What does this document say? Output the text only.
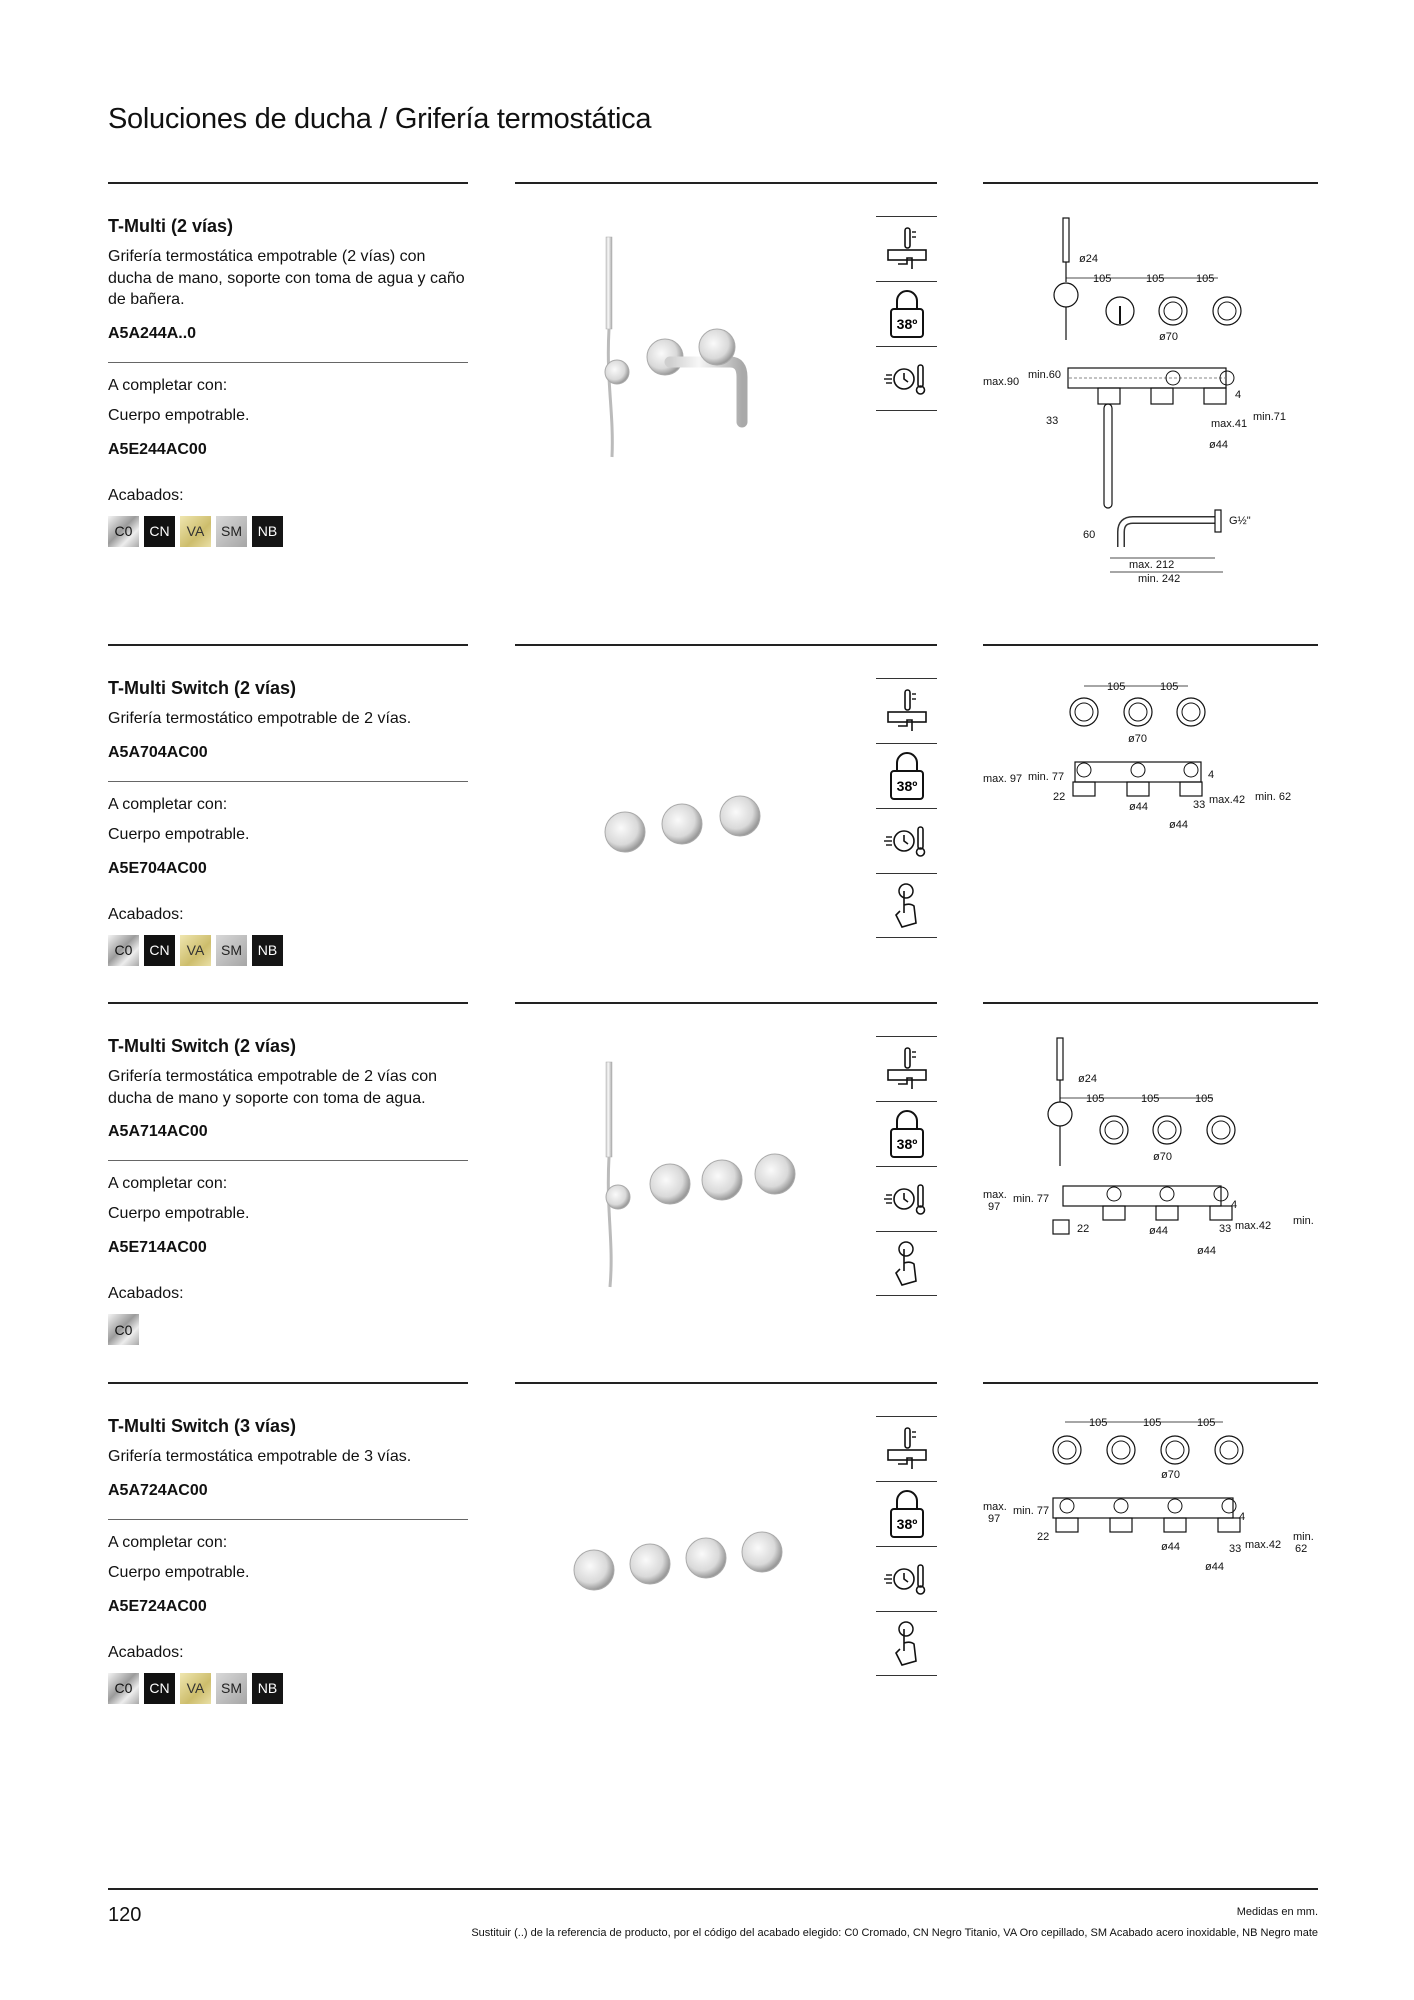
Soluciones de ducha / Grifería termostática
T-Multi (2 vías)
Grifería termostática empotrable (2 vías) con ducha de mano, soporte con toma de agua y caño de bañera.
A5A244A..0
A completar con:
Cuerpo empotrable.
A5E244AC00
Acabados:
C0	CN	VA	SM	NB
38º
ø24
105	105	105
ø70
max.90
min.60
33	max.41
min.71
4
ø44
G½"
60
max. 212
min. 242
T-Multi Switch (2 vías)
Grifería termostático empotrable de 2 vías.
A5A704AC00
A completar con:
Cuerpo empotrable.
A5E704AC00
Acabados:
C0	CN	VA	SM	NB
38º
105	105
ø70
max. 97 min. 77
22
ø44	33 max.42 min. 62
4
ø44
T-Multi Switch (2 vías)
Grifería termostática empotrable de 2 vías con ducha de mano y soporte con toma de agua.
A5A714AC00
A completar con:
Cuerpo empotrable.
A5E714AC00
Acabados:
C0
38º
ø24
105	105	105
ø70
max.
97
min. 77
22	ø44	33 max.42 min.
4
ø44
T-Multi Switch (3 vías)
Grifería termostática empotrable de 3 vías.
A5A724AC00
A completar con:
Cuerpo empotrable.
A5E724AC00
Acabados:
C0	CN	VA	SM	NB
38º
105	105	105
ø70
max.
97
min. 77
22
ø44	33 max.42
min.
62
4
ø44
120	Medidas en mm.
Sustituir (..) de la referencia de producto, por el código del acabado elegido: C0 Cromado, CN Negro Titanio, VA Oro cepillado, SM Acabado acero inoxidable, NB Negro mate
